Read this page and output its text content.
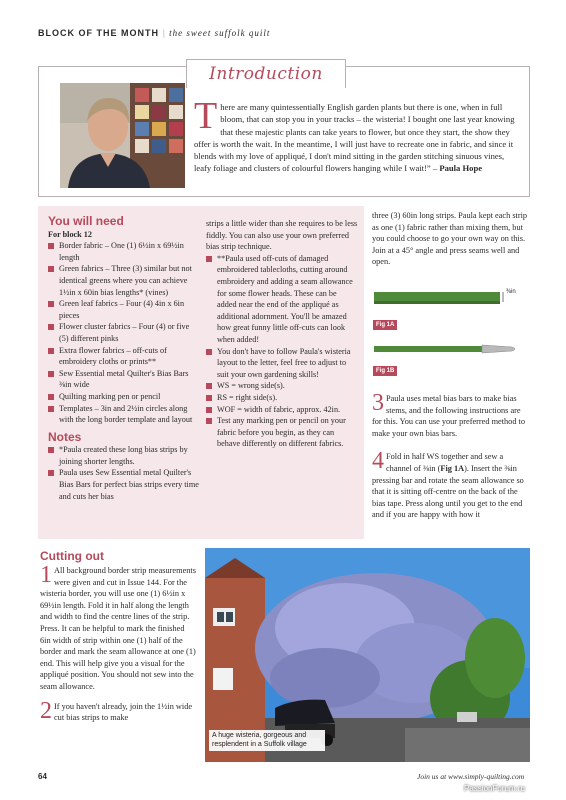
BLOCK OF THE MONTH | the sweet suffolk quilt
Introduction
There are many quintessentially English garden plants but there is one, when in full bloom, that can stop you in your tracks – the wisteria! I bought one last year knowing that these majestic plants can take years to flower, but once they start, the show they offer is worth the wait. In the meantime, I will just have to recreate one in fabric, and since it blends with my love of appliqué, I don't mind sitting in the garden stitching sinuous vines, leafy foliage and clusters of colourful flowers hanging while I wait!” – Paula Hope
You will need
For block 12
Border fabric – One (1) 6½in x 69½in length
Green fabrics – Three (3) similar but not identical greens where you can achieve 1½in x 60in bias lengths* (vines)
Green leaf fabrics – Four (4) 4in x 6in pieces
Flower cluster fabrics – Four (4) or five (5) different pinks
Extra flower fabrics – off-cuts of embroidery cloths or prints**
Sew Essential metal Quilter's Bias Bars ⅜in wide
Quilting marking pen or pencil
Templates – 3in and 2½in circles along with the long border template and layout
Notes
*Paula created these long bias strips by joining shorter lengths.
Paula uses Sew Essential metal Quilter's Bias Bars for perfect bias strips every time and cuts her bias

strips a little wider than she requires to be less fiddly. You can also use your own preferred bias strip technique.

**Paula used off-cuts of damaged embroidered tablecloths, cutting around embroidery and adding a seam allowance for some flower heads. These can be added near the end of the appliqué as additional adornment. You'll be amazed how great funny little off-cuts can look when added!
You don't have to follow Paula's wisteria layout to the letter, feel free to adjust to suit your own gardening skills!
WS = wrong side(s).
RS = right side(s).
WOF = width of fabric, approx. 42in.
Test any marking pen or pencil on your fabric before you begin, as they can behave differently on different fabrics.

three (3) 60in long strips. Paula kept each strip as one (1) fabric rather than mixing them, but you could choose to go your own way on this. Join at a 45° angle and press seams well and open.

⅜in
Fig 1A
Fig 1B

3 Paula uses metal bias bars to make bias stems, and the following instructions are for this. You can use your preferred method to make your own bias bars.

4 Fold in half WS together and sew a channel of ⅜in (Fig 1A). Insert the ⅜in pressing bar and rotate the seam allowance so that it is sitting off-centre on the back of the bias tape. Press along until you get to the end and if you are happy with how it

Cutting out

1 All background border strip measurements were given and cut in Issue 144. For the wisteria border, you will use one (1) 6½in x 69½in length. Fold it in half along the length and width to find the centre lines of the strip. Press. It can be helpful to mark the finished 6in width of strip within one (1) half of the border and mark the seam allowance at one (1) end. This will help give you a visual for the appliqué position. You should not sew into the seam allowance.

2 If you haven't already, join the 1½in wide cut bias strips to make

A huge wisteria, gorgeous and resplendent in a Suffolk village
64	Join us at www.simply-quilting.com
PassionForum.ru
